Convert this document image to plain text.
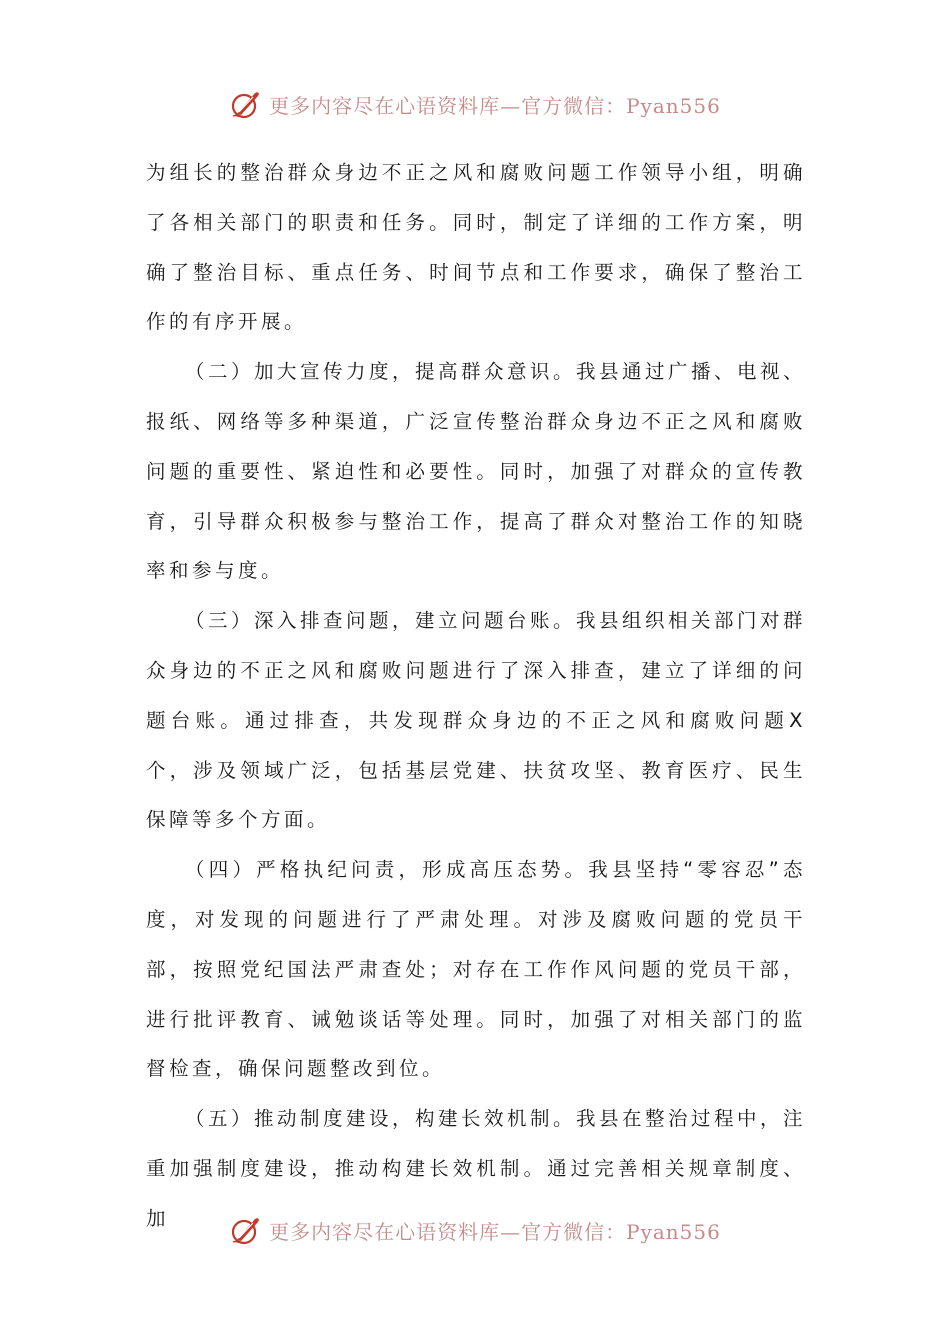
更多内容尽在心语资料库—官方微信：Pyan556

为组长的整治群众身边不正之风和腐败问题工作领导小组，明确了各相关部门的职责和任务。同时，制定了详细的工作方案，明确了整治目标、重点任务、时间节点和工作要求，确保了整治工作的有序开展。

（二）加大宣传力度，提高群众意识。我县通过广播、电视、报纸、网络等多种渠道，广泛宣传整治群众身边不正之风和腐败问题的重要性、紧迫性和必要性。同时，加强了对群众的宣传教育，引导群众积极参与整治工作，提高了群众对整治工作的知晓率和参与度。

（三）深入排查问题，建立问题台账。我县组织相关部门对群众身边的不正之风和腐败问题进行了深入排查，建立了详细的问题台账。通过排查，共发现群众身边的不正之风和腐败问题X个，涉及领域广泛，包括基层党建、扶贫攻坚、教育医疗、民生保障等多个方面。

（四）严格执纪问责，形成高压态势。我县坚持“零容忍”态度，对发现的问题进行了严肃处理。对涉及腐败问题的党员干部，按照党纪国法严肃查处；对存在工作作风问题的党员干部，进行批评教育、诫勉谈话等处理。同时，加强了对相关部门的监督检查，确保问题整改到位。

（五）推动制度建设，构建长效机制。我县在整治过程中，注重加强制度建设，推动构建长效机制。通过完善相关规章制度、加

更多内容尽在心语资料库—官方微信：Pyan556
